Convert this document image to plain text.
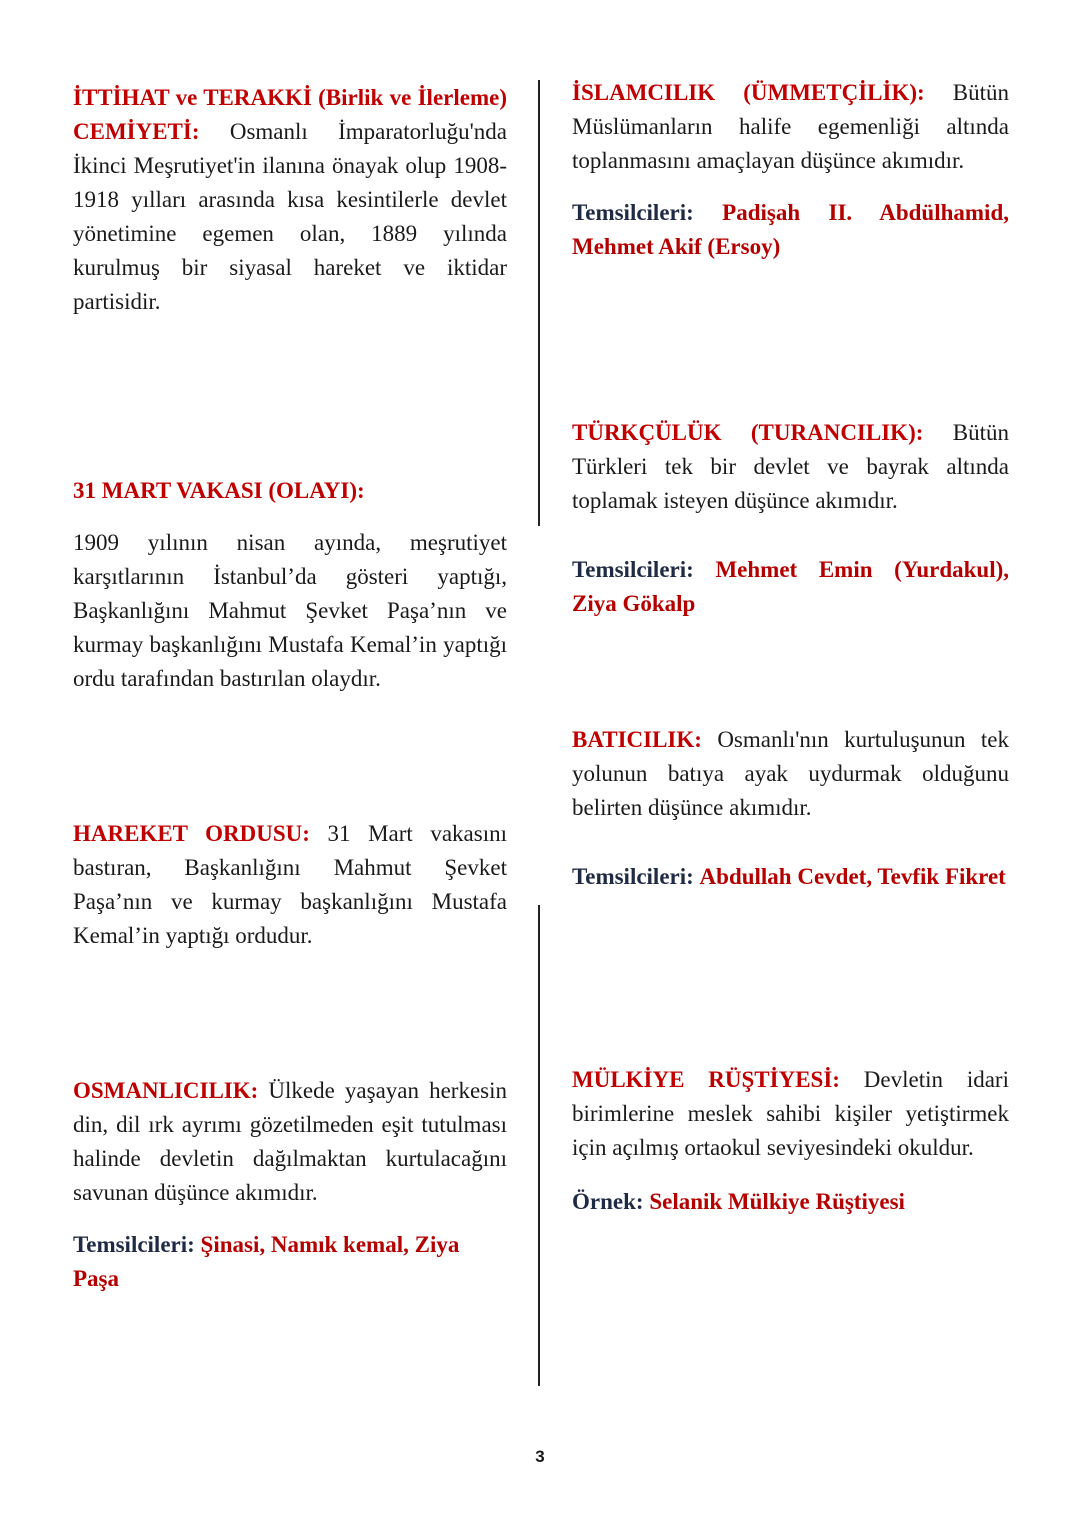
İTTİHAT ve TERAKKİ (Birlik ve İlerleme) CEMİYETİ: Osmanlı İmparatorluğu'nda İkinci Meşrutiyet'in ilanına önayak olup 1908-1918 yılları arasında kısa kesintilerle devlet yönetimine egemen olan, 1889 yılında kurulmuş bir siyasal hareket ve iktidar partisidir.

31 MART VAKASI (OLAYI):

1909 yılının nisan ayında, meşrutiyet karşıtlarının İstanbul’da gösteri yaptığı, Başkanlığını Mahmut Şevket Paşa’nın ve kurmay başkanlığını Mustafa Kemal’in yaptığı ordu tarafından bastırılan olaydır.

HAREKET ORDUSU: 31 Mart vakasını bastıran, Başkanlığını Mahmut Şevket Paşa’nın ve kurmay başkanlığını Mustafa Kemal’in yaptığı ordudur.

OSMANLICILIK: Ülkede yaşayan herkesin din, dil ırk ayrımı gözetilmeden eşit tutulması halinde devletin dağılmaktan kurtulacağını savunan düşünce akımıdır.

Temsilcileri: Şinasi, Namık kemal, Ziya Paşa

İSLAMCILIK (ÜMMETÇİLİK): Bütün Müslümanların halife egemenliği altında toplanmasını amaçlayan düşünce akımıdır.

Temsilcileri: Padişah II. Abdülhamid, Mehmet Akif (Ersoy)

TÜRKÇÜLÜK (TURANCILIK): Bütün Türkleri tek bir devlet ve bayrak altında toplamak isteyen düşünce akımıdır.

Temsilcileri: Mehmet Emin (Yurdakul), Ziya Gökalp

BATICILIK: Osmanlı'nın kurtuluşunun tek yolunun batıya ayak uydurmak olduğunu belirten düşünce akımıdır.

Temsilcileri: Abdullah Cevdet, Tevfik Fikret

MÜLKİYE RÜŞTİYESİ: Devletin idari birimlerine meslek sahibi kişiler yetiştirmek için açılmış ortaokul seviyesindeki okuldur.

Örnek: Selanik Mülkiye Rüştiyesi

3
